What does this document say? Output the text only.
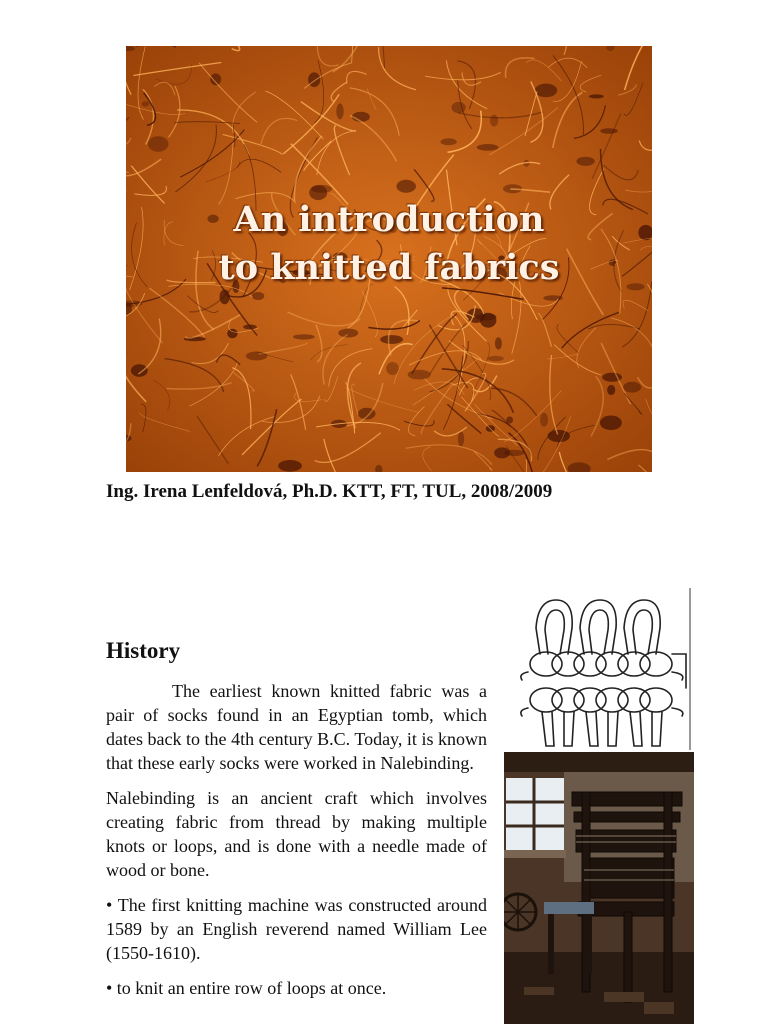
An introduction
to knitted fabrics
Ing. Irena Lenfeldová, Ph.D. KTT, FT, TUL, 2008/2009
History

The earliest known knitted fabric was a pair of socks found in an Egyptian tomb, which dates back to the 4th century B.C. Today, it is known that these early socks were worked in Nalebinding.

Nalebinding is an ancient craft which involves creating fabric from thread by making multiple knots or loops, and is done with a needle made of wood or bone.

• The first knitting machine was constructed around 1589 by an English reverend named William Lee (1550-1610).

• to knit an entire row of loops at once.
